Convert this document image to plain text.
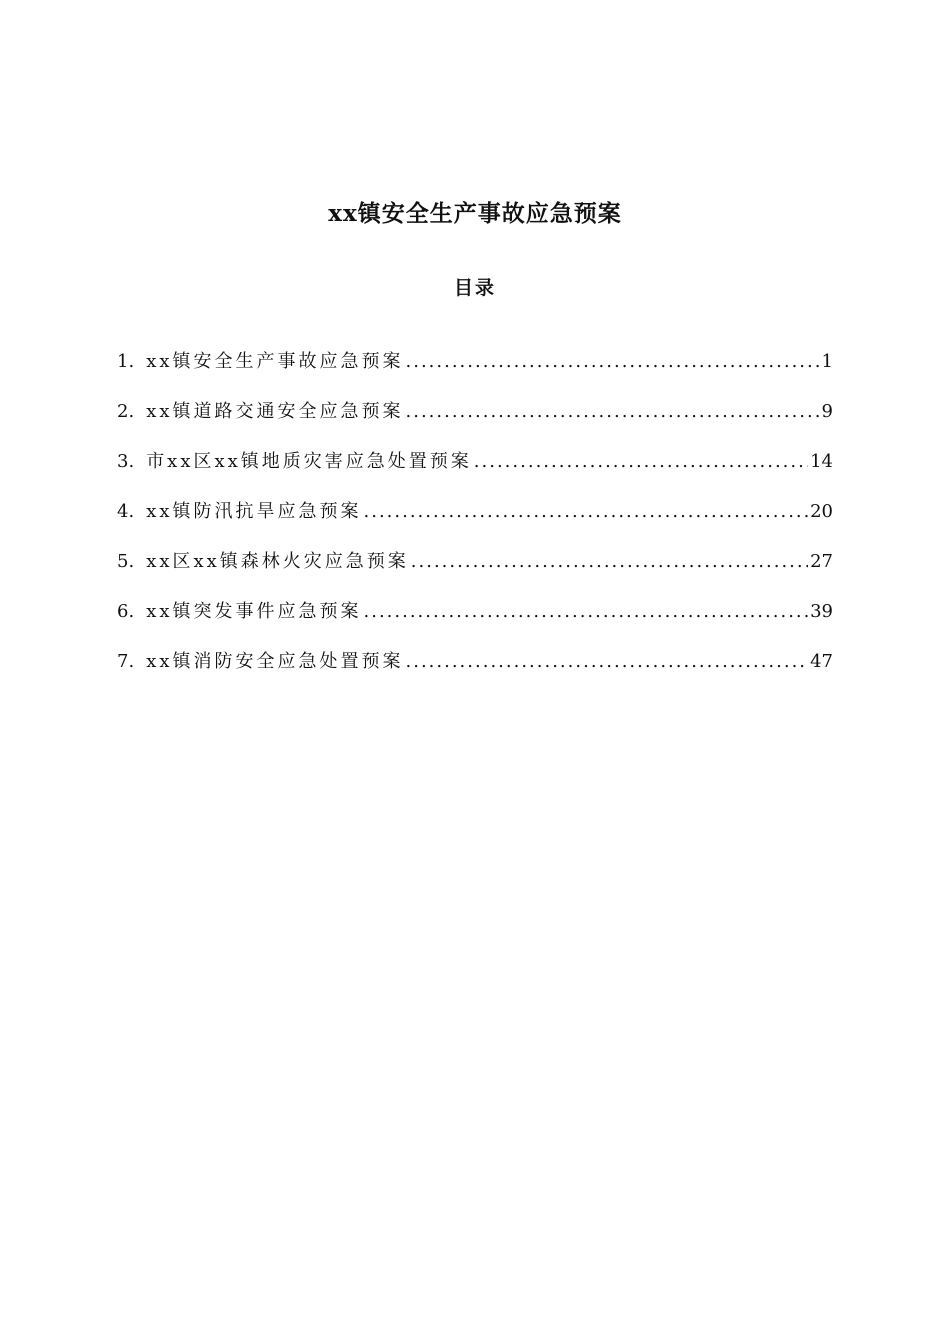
xx镇安全生产事故应急预案
目录
1. xx镇安全生产事故应急预案 .....	1
2. xx镇道路交通安全应急预案 .....	9
3. 市xx区xx镇地质灾害应急处置预案 .....	14
4. xx镇防汛抗旱应急预案 .....	20
5. xx区xx镇森林火灾应急预案 .....	27
6. xx镇突发事件应急预案 .....	39
7. xx镇消防安全应急处置预案 .....	47
